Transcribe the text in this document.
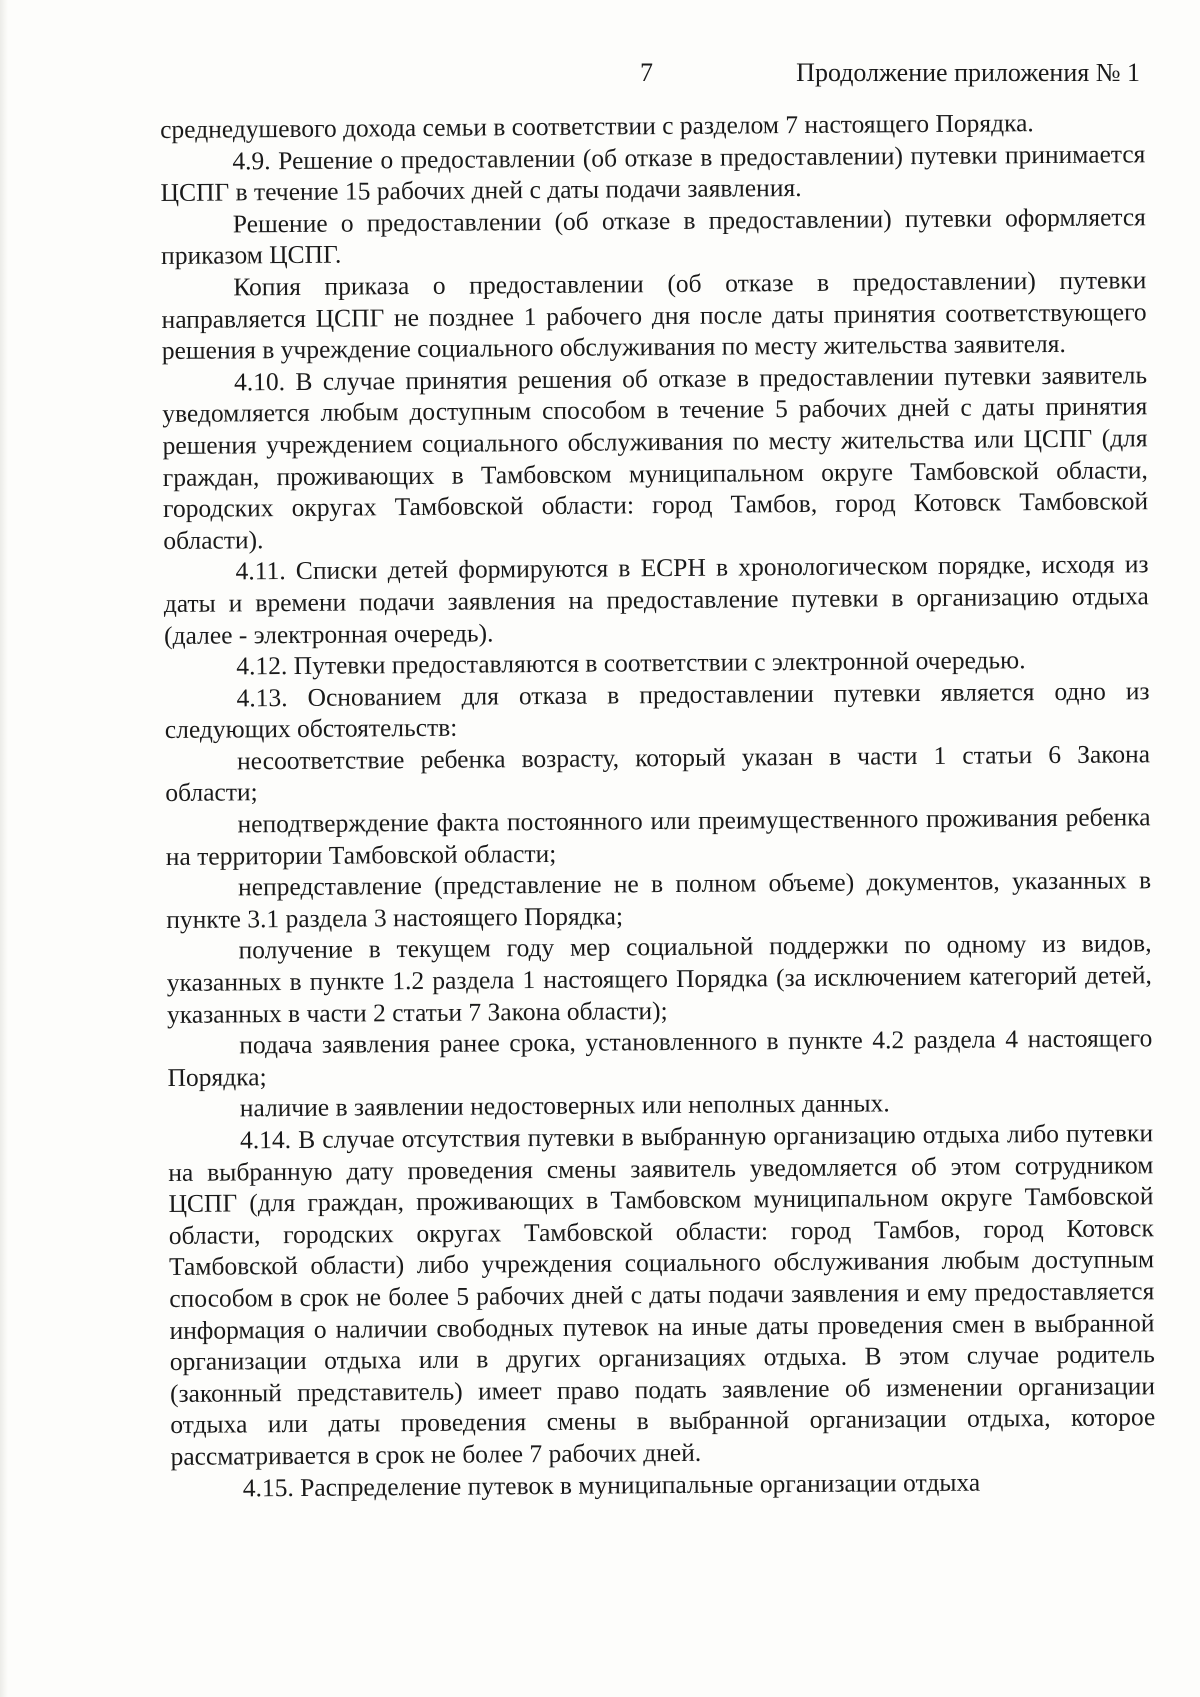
7	Продолжение приложения № 1

среднедушевого дохода семьи в соответствии с разделом 7 настоящего Порядка.

4.9. Решение о предоставлении (об отказе в предоставлении) путевки принимается ЦСПГ в течение 15 рабочих дней с даты подачи заявления.

Решение о предоставлении (об отказе в предоставлении) путевки оформляется приказом ЦСПГ.

Копия приказа о предоставлении (об отказе в предоставлении) путевки направляется ЦСПГ не позднее 1 рабочего дня после даты принятия соответствующего решения в учреждение социального обслуживания по месту жительства заявителя.

4.10. В случае принятия решения об отказе в предоставлении путевки заявитель уведомляется любым доступным способом в течение 5 рабочих дней с даты принятия решения учреждением социального обслуживания по месту жительства или ЦСПГ (для граждан, проживающих в Тамбовском муниципальном округе Тамбовской области, городских округах Тамбовской области: город Тамбов, город Котовск Тамбовской области).

4.11. Списки детей формируются в ЕСРН в хронологическом порядке, исходя из даты и времени подачи заявления на предоставление путевки в организацию отдыха (далее - электронная очередь).

4.12. Путевки предоставляются в соответствии с электронной очередью.

4.13. Основанием для отказа в предоставлении путевки является одно из следующих обстоятельств:

несоответствие ребенка возрасту, который указан в части 1 статьи 6 Закона области;

неподтверждение факта постоянного или преимущественного проживания ребенка на территории Тамбовской области;

непредставление (представление не в полном объеме) документов, указанных в пункте 3.1 раздела 3 настоящего Порядка;

получение в текущем году мер социальной поддержки по одному из видов, указанных в пункте 1.2 раздела 1 настоящего Порядка (за исключением категорий детей, указанных в части 2 статьи 7 Закона области);

подача заявления ранее срока, установленного в пункте 4.2 раздела 4 настоящего Порядка;

наличие в заявлении недостоверных или неполных данных.

4.14. В случае отсутствия путевки в выбранную организацию отдыха либо путевки на выбранную дату проведения смены заявитель уведомляется об этом сотрудником ЦСПГ (для граждан, проживающих в Тамбовском муниципальном округе Тамбовской области, городских округах Тамбовской области: город Тамбов, город Котовск Тамбовской области) либо учреждения социального обслуживания любым доступным способом в срок не более 5 рабочих дней с даты подачи заявления и ему предоставляется информация о наличии свободных путевок на иные даты проведения смен в выбранной организации отдыха или в других организациях отдыха. В этом случае родитель (законный представитель) имеет право подать заявление об изменении организации отдыха или даты проведения смены в выбранной организации отдыха, которое рассматривается в срок не более 7 рабочих дней.

4.15. Распределение путевок в муниципальные организации отдыха
